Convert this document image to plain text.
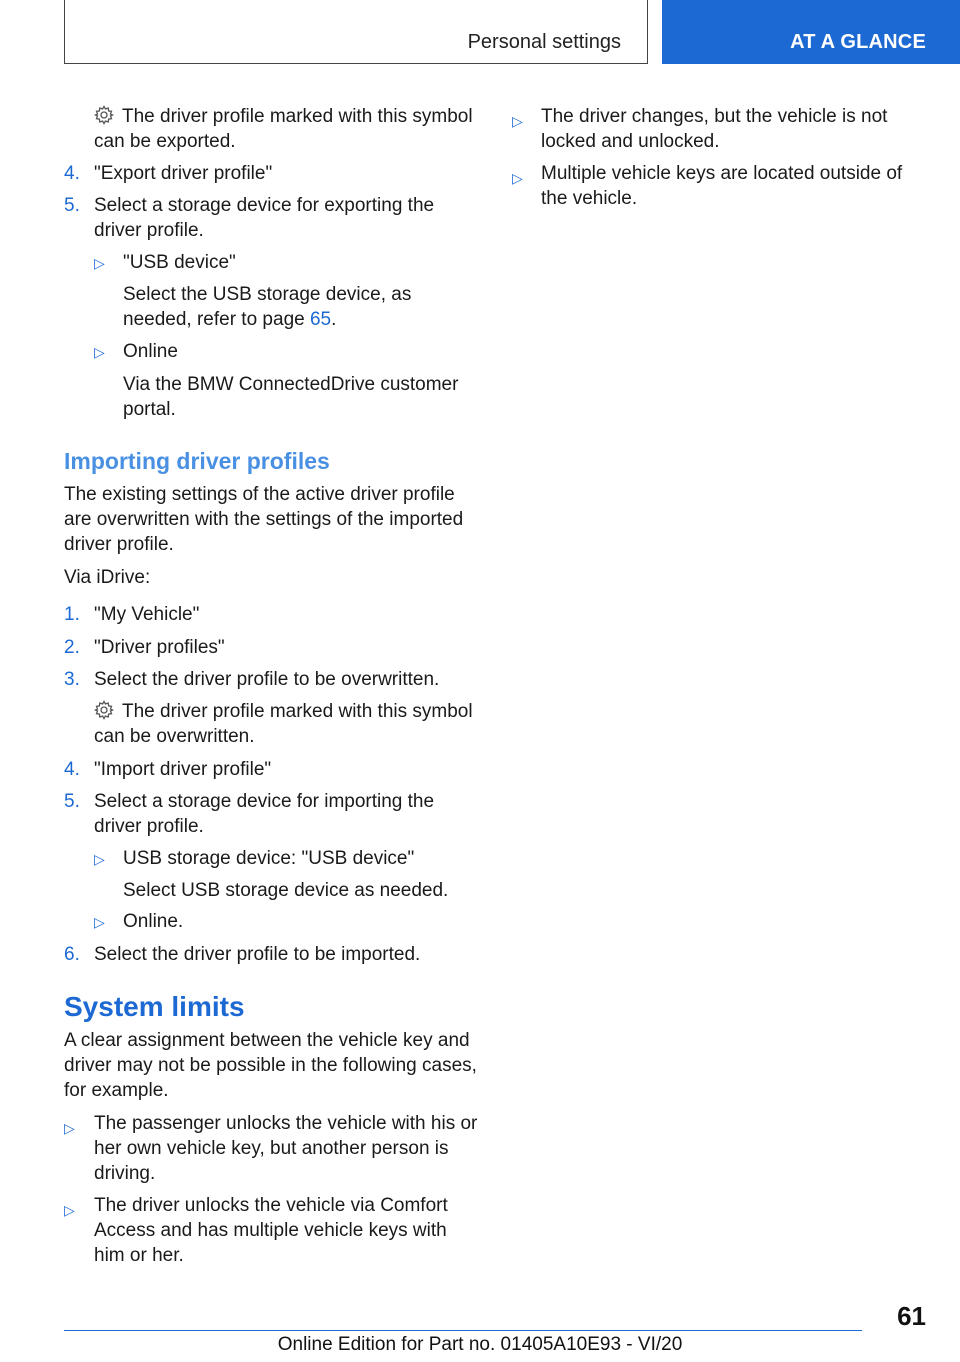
Personal settings	AT A GLANCE
The driver profile marked with this symbol
can be exported.
4. "Export driver profile"
5. Select a storage device for exporting the
driver profile.
▷ "USB device"
Select the USB storage device, as
needed, refer to page 65.
▷ Online
Via the BMW ConnectedDrive customer
portal.
Importing driver profiles
The existing settings of the active driver profile
are overwritten with the settings of the imported
driver profile.
Via iDrive:
1. "My Vehicle"
2. "Driver profiles"
3. Select the driver profile to be overwritten.
The driver profile marked with this symbol
can be overwritten.
4. "Import driver profile"
5. Select a storage device for importing the
driver profile.
▷ USB storage device: "USB device"
Select USB storage device as needed.
▷ Online.
6. Select the driver profile to be imported.
System limits
A clear assignment between the vehicle key and
driver may not be possible in the following cases,
for example.
▷ The passenger unlocks the vehicle with his or
her own vehicle key, but another person is
driving.
▷ The driver unlocks the vehicle via Comfort
Access and has multiple vehicle keys with
him or her.
▷ The driver changes, but the vehicle is not
locked and unlocked.
▷ Multiple vehicle keys are located outside of
the vehicle.
61
Online Edition for Part no. 01405A10E93 - VI/20
